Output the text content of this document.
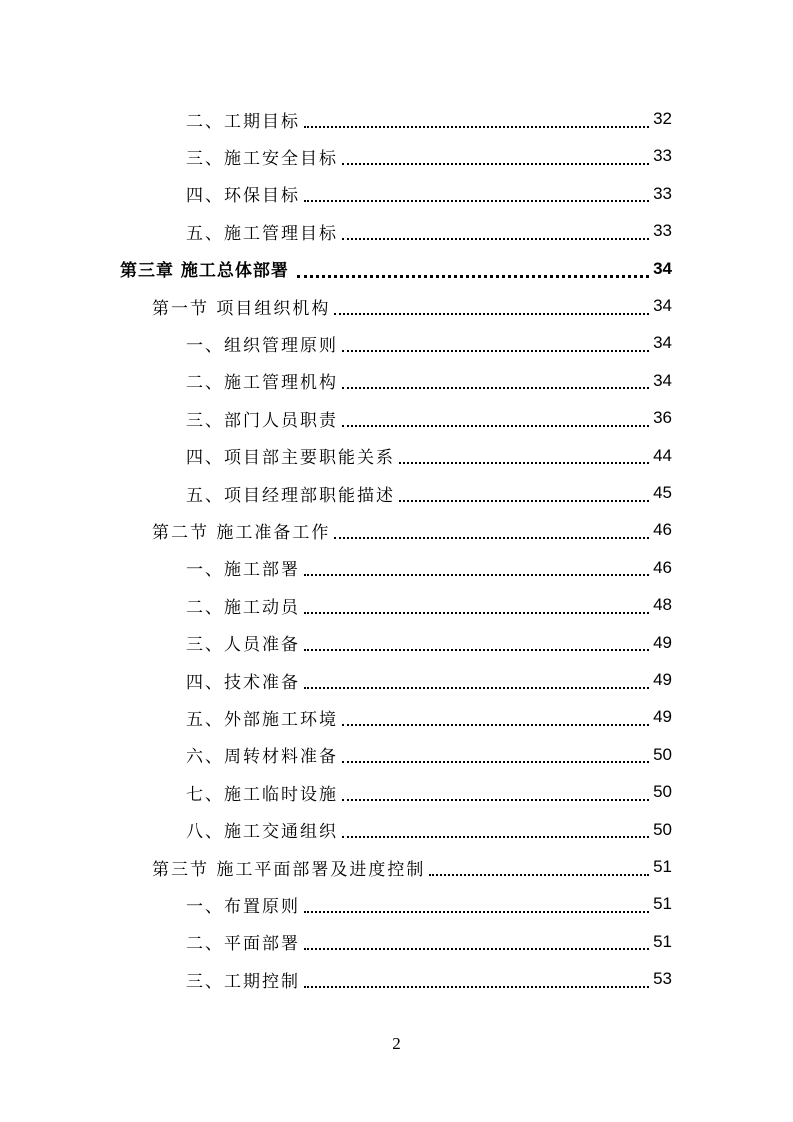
二、工期目标	32
三、施工安全目标	33
四、环保目标	33
五、施工管理目标	33
第三章 施工总体部署	34
第一节 项目组织机构	34
一、组织管理原则	34
二、施工管理机构	34
三、部门人员职责	36
四、项目部主要职能关系	44
五、项目经理部职能描述	45
第二节 施工准备工作	46
一、施工部署	46
二、施工动员	48
三、人员准备	49
四、技术准备	49
五、外部施工环境	49
六、周转材料准备	50
七、施工临时设施	50
八、施工交通组织	50
第三节 施工平面部署及进度控制	51
一、布置原则	51
二、平面部署	51
三、工期控制	53
2
